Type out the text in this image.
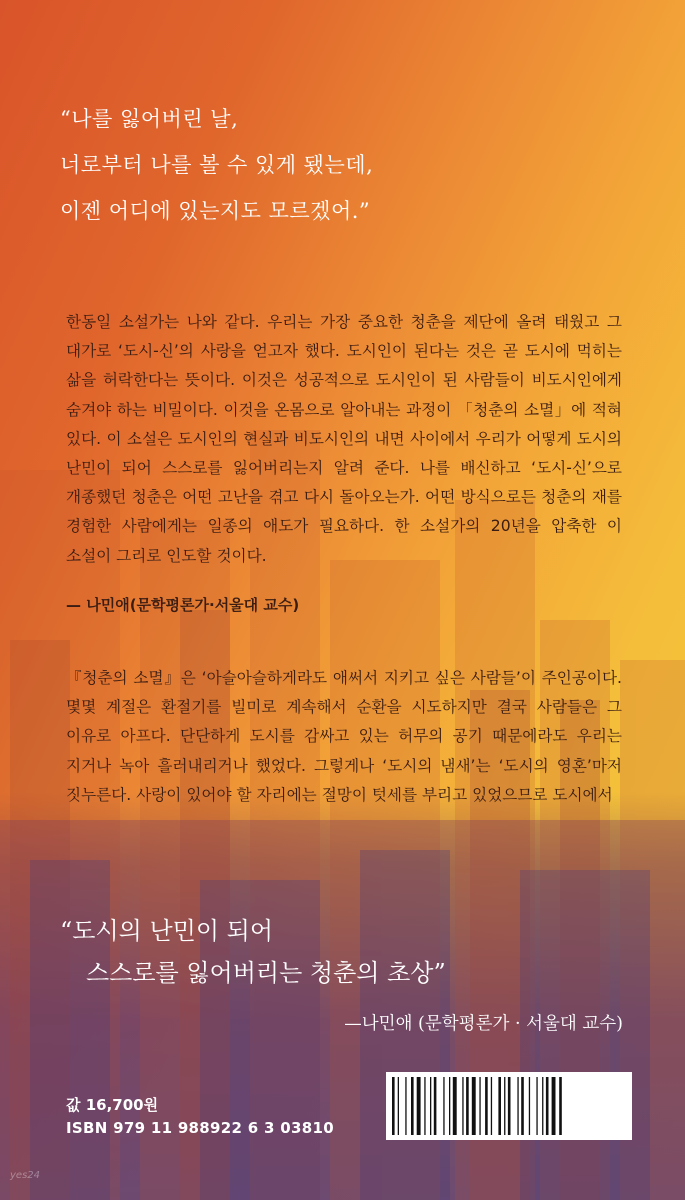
“나를 잃어버린 날,
너로부터 나를 볼 수 있게 됐는데,
이젠 어디에 있는지도 모르겠어.”
한동일 소설가는 나와 같다. 우리는 가장 중요한 청춘을 제단에 올려 태웠고 그 대가로 ‘도시-신’의 사랑을 얻고자 했다. 도시인이 된다는 것은 곧 도시에 먹히는 삶을 허락한다는 뜻이다. 이것은 성공적으로 도시인이 된 사람들이 비도시인에게 숨겨야 하는 비밀이다. 이것을 온몸으로 알아내는 과정이 「청춘의 소멸」에 적혀 있다. 이 소설은 도시인의 현실과 비도시인의 내면 사이에서 우리가 어떻게 도시의 난민이 되어 스스로를 잃어버리는지 알려 준다. 나를 배신하고 ‘도시-신’으로 개종했던 청춘은 어떤 고난을 겪고 다시 돌아오는가. 어떤 방식으로든 청춘의 재를 경험한 사람에게는 일종의 애도가 필요하다. 한 소설가의 20년을 압축한 이 소설이 그리로 인도할 것이다.
— 나민애(문학평론가·서울대 교수)
『청춘의 소멸』은 ‘아슬아슬하게라도 애써서 지키고 싶은 사람들’이 주인공이다. 몇몇 계절은 환절기를 빌미로 계속해서 순환을 시도하지만 결국 사람들은 그 이유로 아프다. 단단하게 도시를 감싸고 있는 허무의 공기 때문에라도 우리는 지거나 녹아 흘러내리거나 했었다. 그렇게나 ‘도시의 냄새’는 ‘도시의 영혼’마저 짓누른다. 사랑이 있어야 할 자리에는 절망이 텃세를 부리고 있었으므로 도시에서
“도시의 난민이 되어
스스로를 잃어버리는 청춘의 초상”
—나민애 (문학평론가 · 서울대 교수)
값 16,700원
ISBN 979 11 988922 6 3 03810
yes24
